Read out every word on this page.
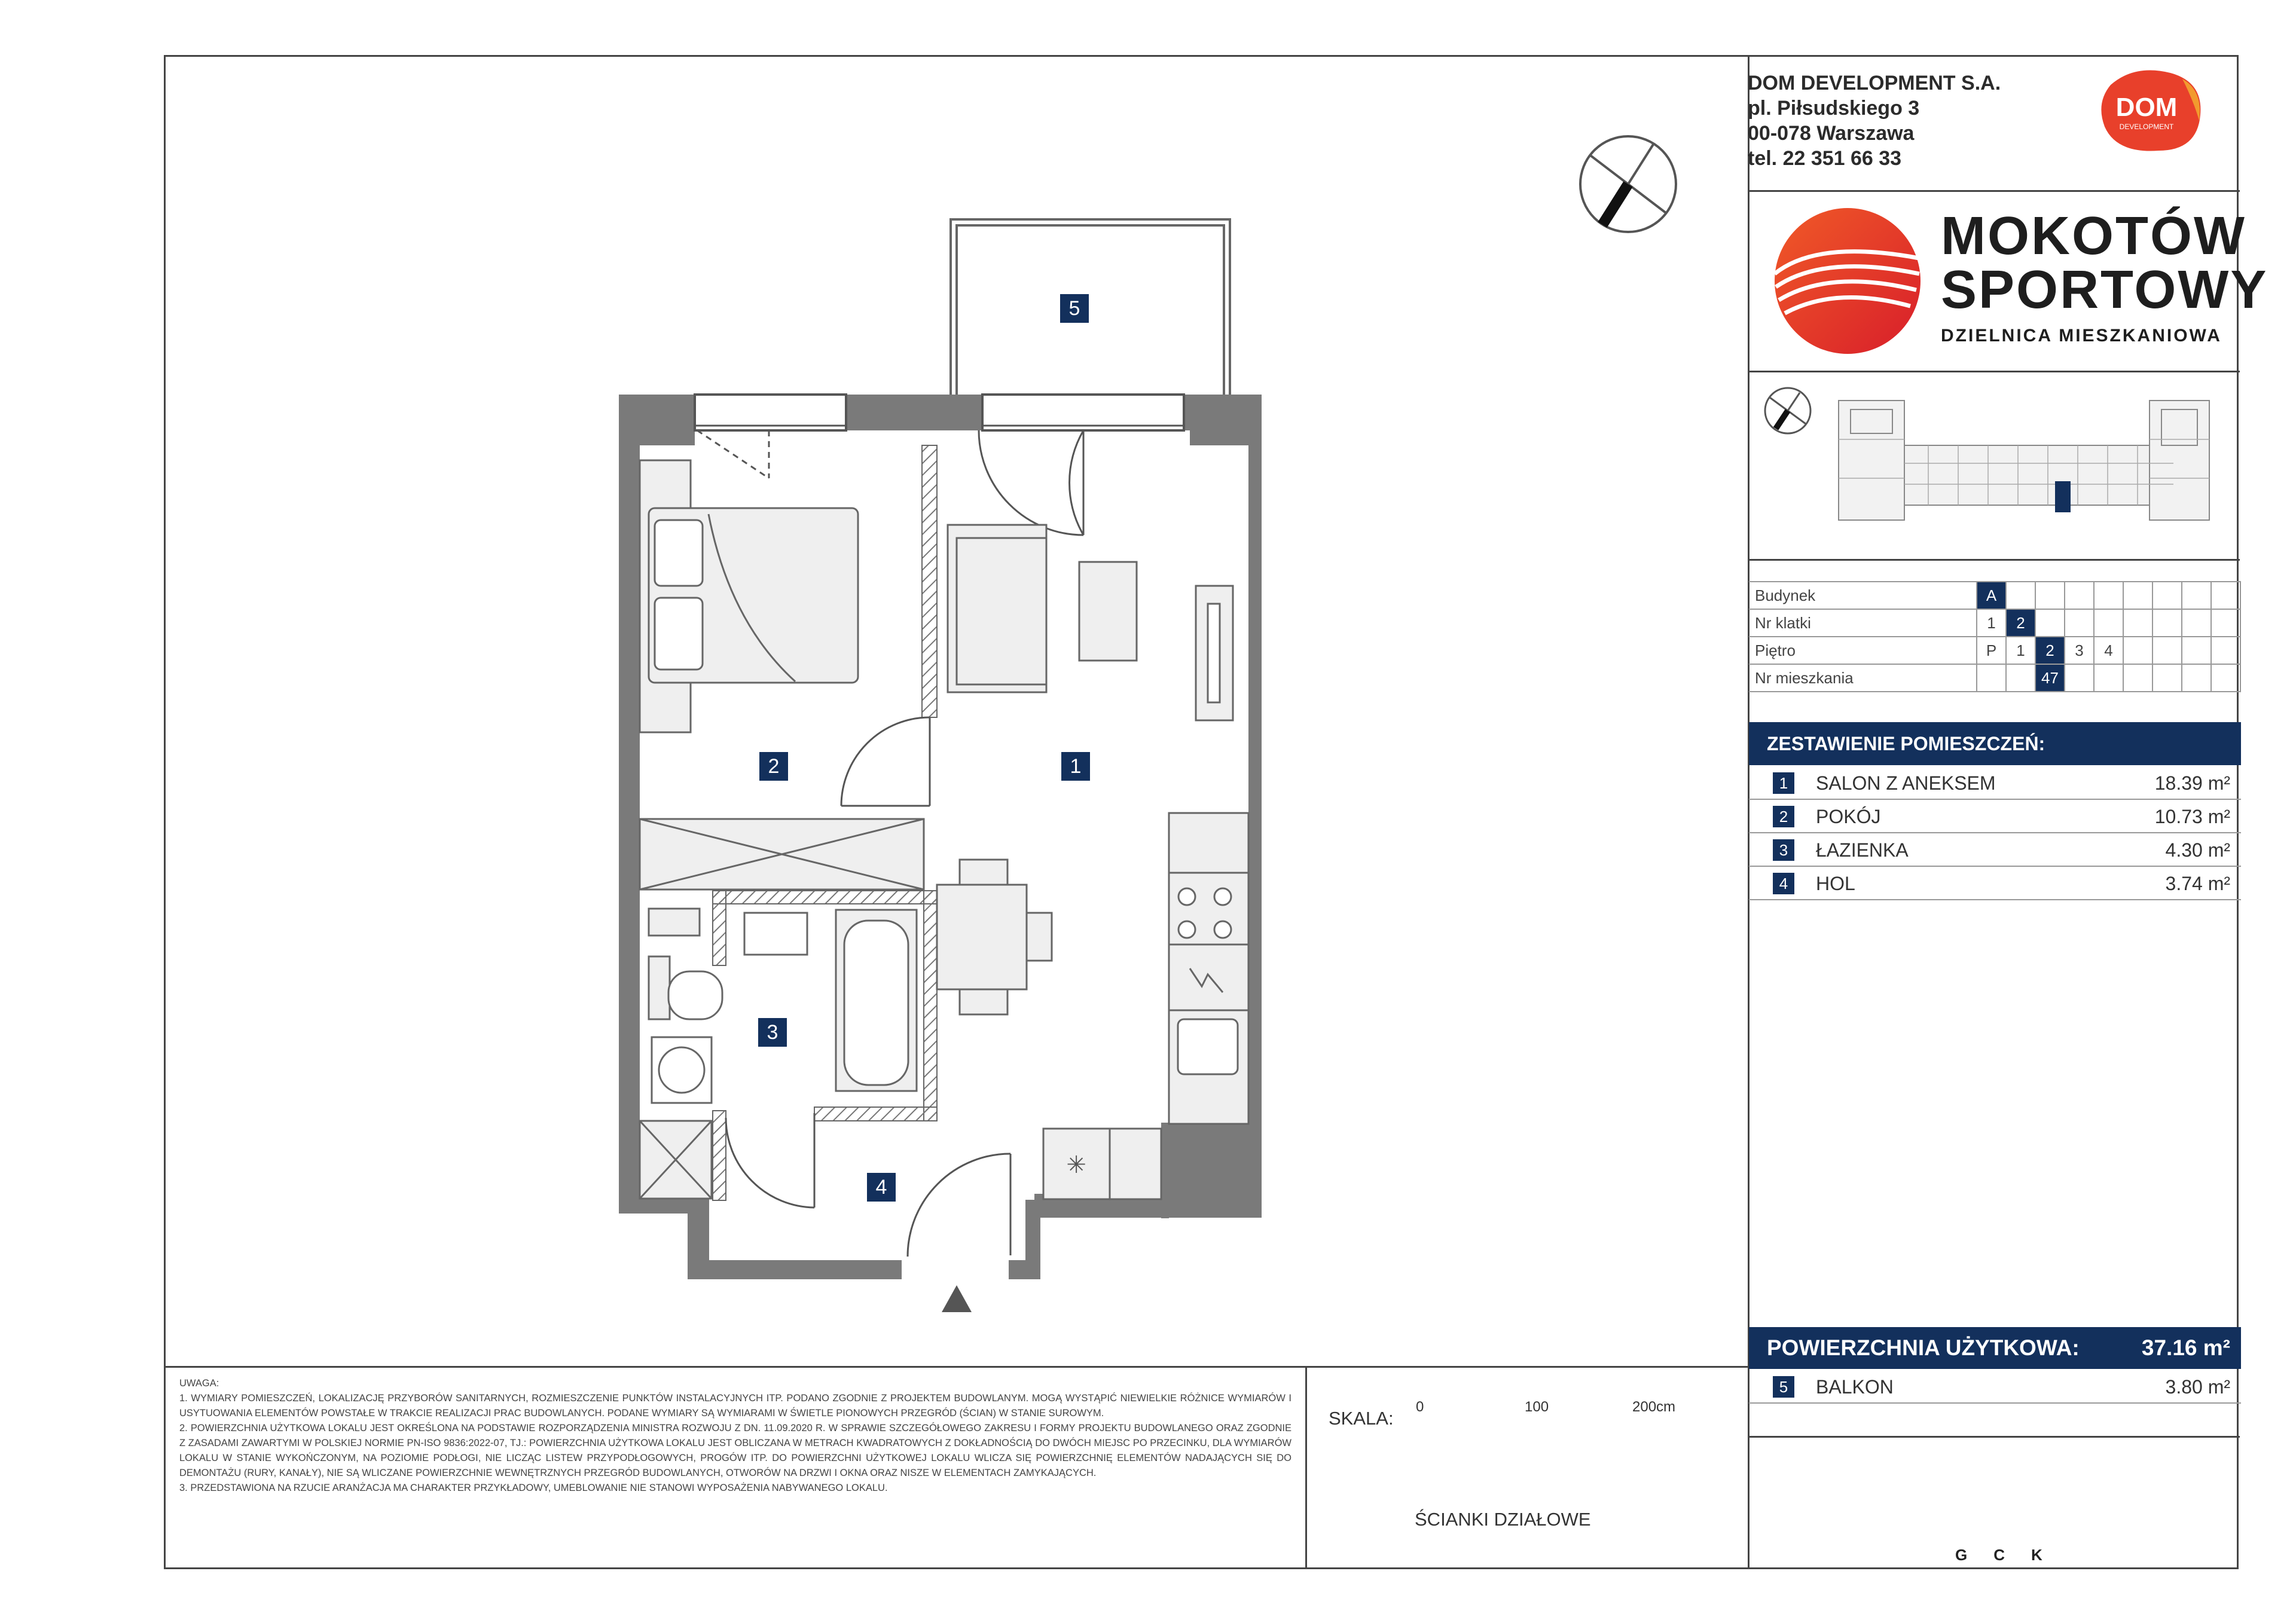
DOM DEVELOPMENT S.A.
pl. Piłsudskiego 3
00-078 Warszawa
tel. 22 351 66 33
DOM
DEVELOPMENT
MOKOTÓW
SPORTOWY
DZIELNICA MIESZKANIOWA
Budynek	A								
Nr klatki	1	2							
Piętro	P	1	2	3	4				
Nr mieszkania			47						
ZESTAWIENIE POMIESZCZEŃ:
1	SALON Z ANEKSEM	18.39 m²
2	POKÓJ	10.73 m²
3	ŁAZIENKA	4.30 m²
4	HOL	3.74 m²
POWIERZCHNIA UŻYTKOWA:	37.16 m²
5	BALKON	3.80 m²
✳
1
2
3
4
5

UWAGA:

1. WYMIARY POMIESZCZEŃ, LOKALIZACJĘ PRZYBORÓW SANITARNYCH, ROZMIESZCZENIE PUNKTÓW INSTALACYJNYCH ITP. PODANO ZGODNIE Z PROJEKTEM BUDOWLANYM. MOGĄ WYSTĄPIĆ NIEWIELKIE RÓŻNICE WYMIARÓW I USYTUOWANIA ELEMENTÓW POWSTAŁE W TRAKCIE REALIZACJI PRAC BUDOWLANYCH. PODANE WYMIARY SĄ WYMIARAMI W ŚWIETLE PIONOWYCH PRZEGRÓD (ŚCIAN) W STANIE SUROWYM.

2. POWIERZCHNIA UŻYTKOWA LOKALU JEST OKREŚLONA NA PODSTAWIE ROZPORZĄDZENIA MINISTRA ROZWOJU Z DN. 11.09.2020 R. W SPRAWIE SZCZEGÓŁOWEGO ZAKRESU I FORMY PROJEKTU BUDOWLANEGO ORAZ ZGODNIE Z ZASADAMI ZAWARTYMI W POLSKIEJ NORMIE PN-ISO 9836:2022-07, TJ.: POWIERZCHNIA UŻYTKOWA LOKALU JEST OBLICZANA W METRACH KWADRATOWYCH Z DOKŁADNOŚCIĄ DO DWÓCH MIEJSC PO PRZECINKU, DLA WYMIARÓW LOKALU W STANIE WYKOŃCZONYM, NA POZIOMIE PODŁOGI, NIE LICZĄC LISTEW PRZYPODŁOGOWYCH, PROGÓW ITP. DO POWIERZCHNI UŻYTKOWEJ LOKALU WLICZA SIĘ POWIERZCHNIĘ ELEMENTÓW NADAJĄCYCH SIĘ DO DEMONTAŻU (RURY, KANAŁY), NIE SĄ WLICZANE POWIERZCHNIE WEWNĘTRZNYCH PRZEGRÓD BUDOWLANYCH, OTWORÓW NA DRZWI I OKNA ORAZ NISZE W ELEMENTACH ZAMYKAJĄCYCH.

3. PRZEDSTAWIONA NA RZUCIE ARANŻACJA MA CHARAKTER PRZYKŁADOWY, UMEBLOWANIE NIE STANOWI WYPOSAŻENIA NABYWANEGO LOKALU.

SKALA:
0	100	200cm
ŚCIANKI DZIAŁOWE
GCK
